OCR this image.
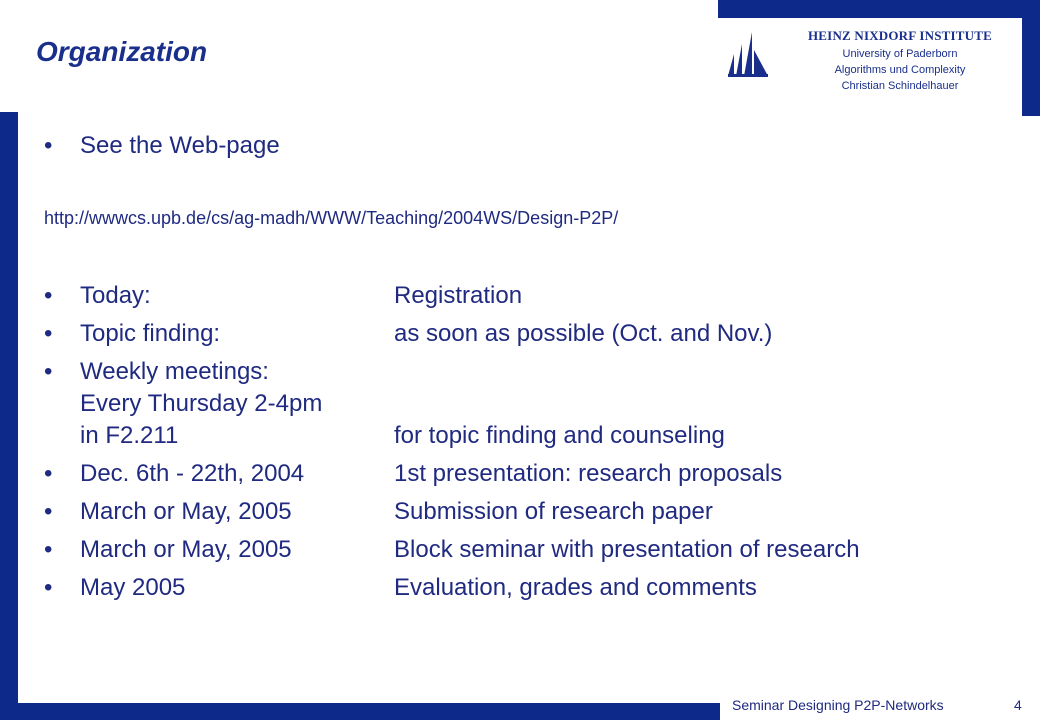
Organization
HEINZ NIXDORF INSTITUTE
University of Paderborn
Algorithms und Complexity
Christian Schindelhauer
•	See the Web-page
http://wwwcs.upb.de/cs/ag-madh/WWW/Teaching/2004WS/Design-P2P/
•	Today:	Registration
•	Topic finding:	as soon as possible (Oct. and Nov.)
•	Weekly meetings:
Every Thursday 2-4pm
in F2.211	for topic finding and counseling
•	Dec. 6th - 22th, 2004	1st presentation: research proposals
•	March or May, 2005	Submission of research paper
•	March or May, 2005	Block seminar with presentation of research
•	May 2005	Evaluation, grades and comments
Seminar Designing P2P-Networks	4
